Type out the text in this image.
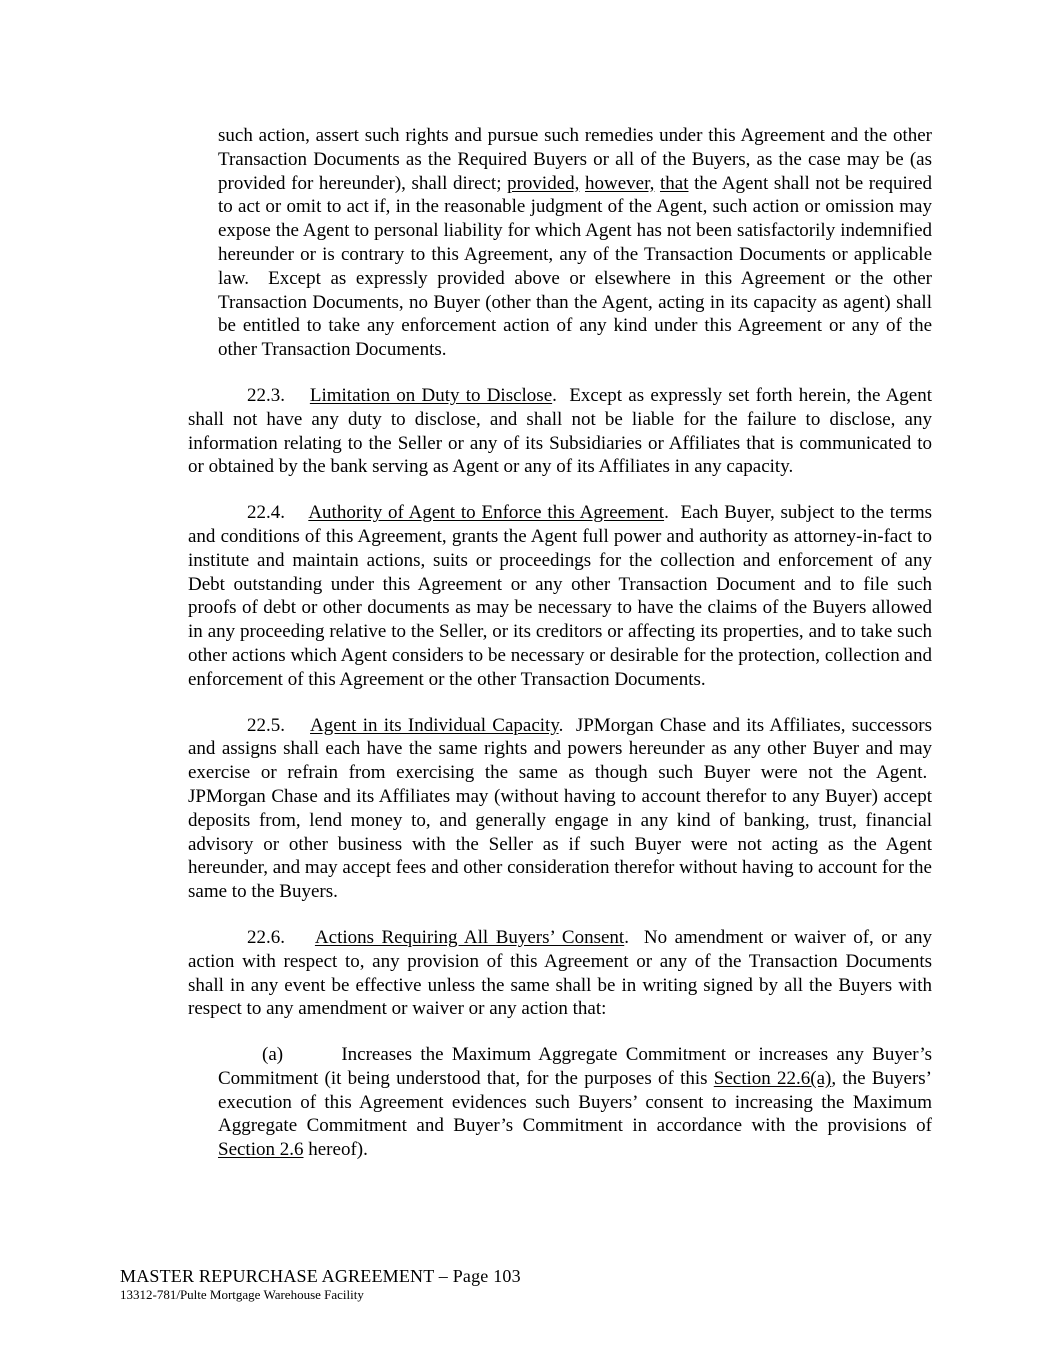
such action, assert such rights and pursue such remedies under this Agreement and the other Transaction Documents as the Required Buyers or all of the Buyers, as the case may be (as provided for hereunder), shall direct; provided, however, that the Agent shall not be required to act or omit to act if, in the reasonable judgment of the Agent, such action or omission may expose the Agent to personal liability for which Agent has not been satisfactorily indemnified hereunder or is contrary to this Agreement, any of the Transaction Documents or applicable law.  Except as expressly provided above or elsewhere in this Agreement or the other Transaction Documents, no Buyer (other than the Agent, acting in its capacity as agent) shall be entitled to take any enforcement action of any kind under this Agreement or any of the other Transaction Documents.

22.3.    Limitation on Duty to Disclose.  Except as expressly set forth herein, the Agent shall not have any duty to disclose, and shall not be liable for the failure to disclose, any information relating to the Seller or any of its Subsidiaries or Affiliates that is communicated to or obtained by the bank serving as Agent or any of its Affiliates in any capacity.

22.4.    Authority of Agent to Enforce this Agreement.  Each Buyer, subject to the terms and conditions of this Agreement, grants the Agent full power and authority as attorney-in-fact to institute and maintain actions, suits or proceedings for the collection and enforcement of any Debt outstanding under this Agreement or any other Transaction Document and to file such proofs of debt or other documents as may be necessary to have the claims of the Buyers allowed in any proceeding relative to the Seller, or its creditors or affecting its properties, and to take such other actions which Agent considers to be necessary or desirable for the protection, collection and enforcement of this Agreement or the other Transaction Documents.

22.5.    Agent in its Individual Capacity.  JPMorgan Chase and its Affiliates, successors and assigns shall each have the same rights and powers hereunder as any other Buyer and may exercise or refrain from exercising the same as though such Buyer were not the Agent.  JPMorgan Chase and its Affiliates may (without having to account therefor to any Buyer) accept deposits from, lend money to, and generally engage in any kind of banking, trust, financial advisory or other business with the Seller as if such Buyer were not acting as the Agent hereunder, and may accept fees and other consideration therefor without having to account for the same to the Buyers.

22.6.    Actions Requiring All Buyers’ Consent.  No amendment or waiver of, or any action with respect to, any provision of this Agreement or any of the Transaction Documents shall in any event be effective unless the same shall be in writing signed by all the Buyers with respect to any amendment or waiver or any action that:

(a)       Increases the Maximum Aggregate Commitment or increases any Buyer’s Commitment (it being understood that, for the purposes of this Section 22.6(a), the Buyers’ execution of this Agreement evidences such Buyers’ consent to increasing the Maximum Aggregate Commitment and Buyer’s Commitment in accordance with the provisions of Section 2.6 hereof).

MASTER REPURCHASE AGREEMENT – Page 103
13312-781/Pulte Mortgage Warehouse Facility
